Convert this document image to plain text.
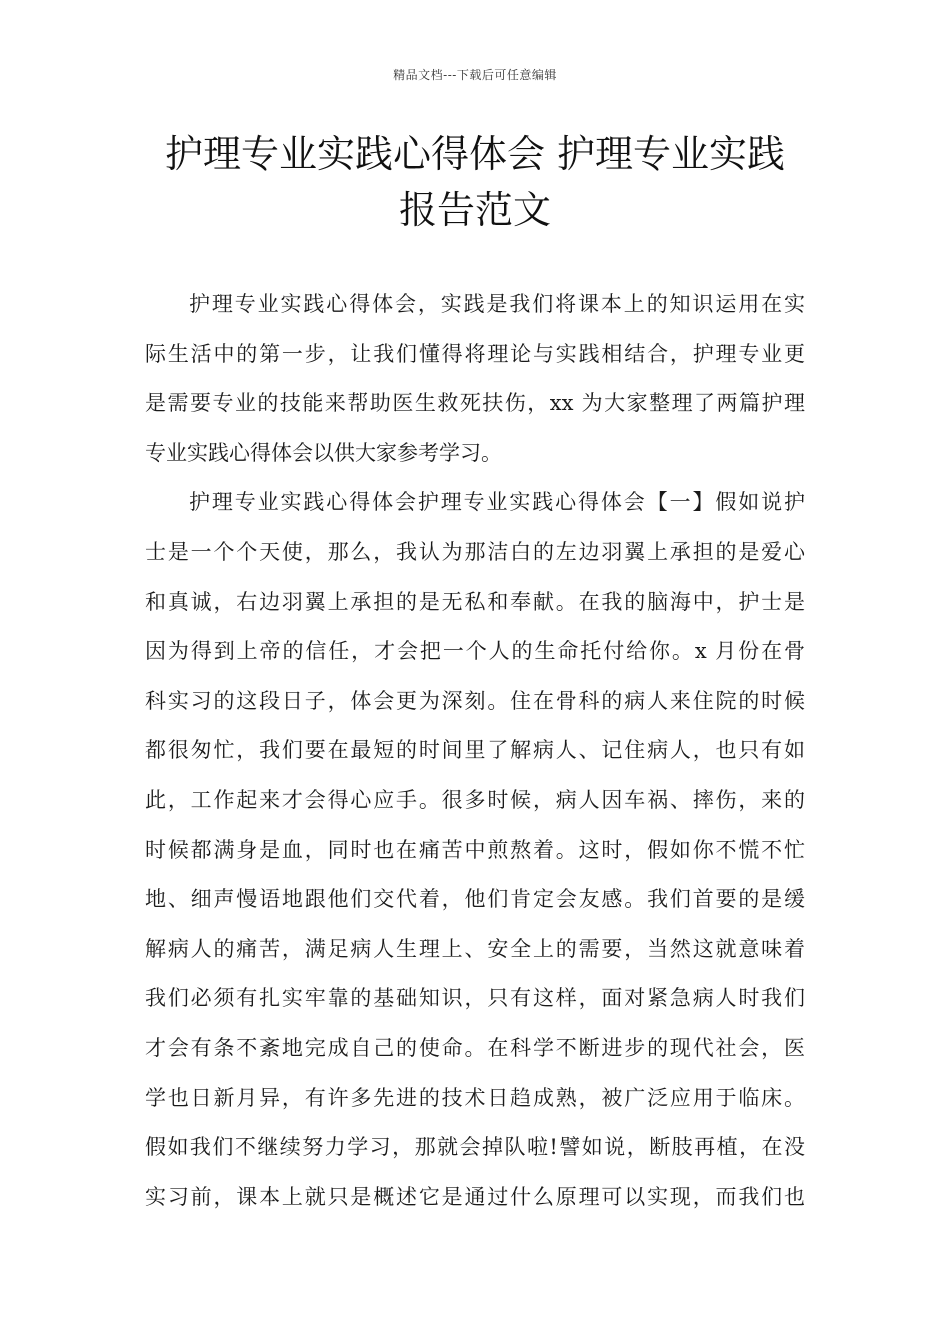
精品文档---下载后可任意编辑
护理专业实践心得体会 护理专业实践
报告范文
护理专业实践心得体会，实践是我们将课本上的知识运用在实
际生活中的第一步，让我们懂得将理论与实践相结合，护理专业更
是需要专业的技能来帮助医生救死扶伤，xx 为大家整理了两篇护理
专业实践心得体会以供大家参考学习。
护理专业实践心得体会护理专业实践心得体会【一】假如说护
士是一个个天使，那么，我认为那洁白的左边羽翼上承担的是爱心
和真诚，右边羽翼上承担的是无私和奉献。在我的脑海中，护士是
因为得到上帝的信任，才会把一个人的生命托付给你。x 月份在骨
科实习的这段日子，体会更为深刻。住在骨科的病人来住院的时候
都很匆忙，我们要在最短的时间里了解病人、记住病人，也只有如
此，工作起来才会得心应手。很多时候，病人因车祸、摔伤，来的
时候都满身是血，同时也在痛苦中煎熬着。这时，假如你不慌不忙
地、细声慢语地跟他们交代着，他们肯定会友感。我们首要的是缓
解病人的痛苦，满足病人生理上、安全上的需要，当然这就意味着
我们必须有扎实牢靠的基础知识，只有这样，面对紧急病人时我们
才会有条不紊地完成自己的使命。在科学不断进步的现代社会，医
学也日新月异，有许多先进的技术日趋成熟，被广泛应用于临床。
假如我们不继续努力学习，那就会掉队啦!譬如说，断肢再植，在没
实习前，课本上就只是概述它是通过什么原理可以实现，而我们也
